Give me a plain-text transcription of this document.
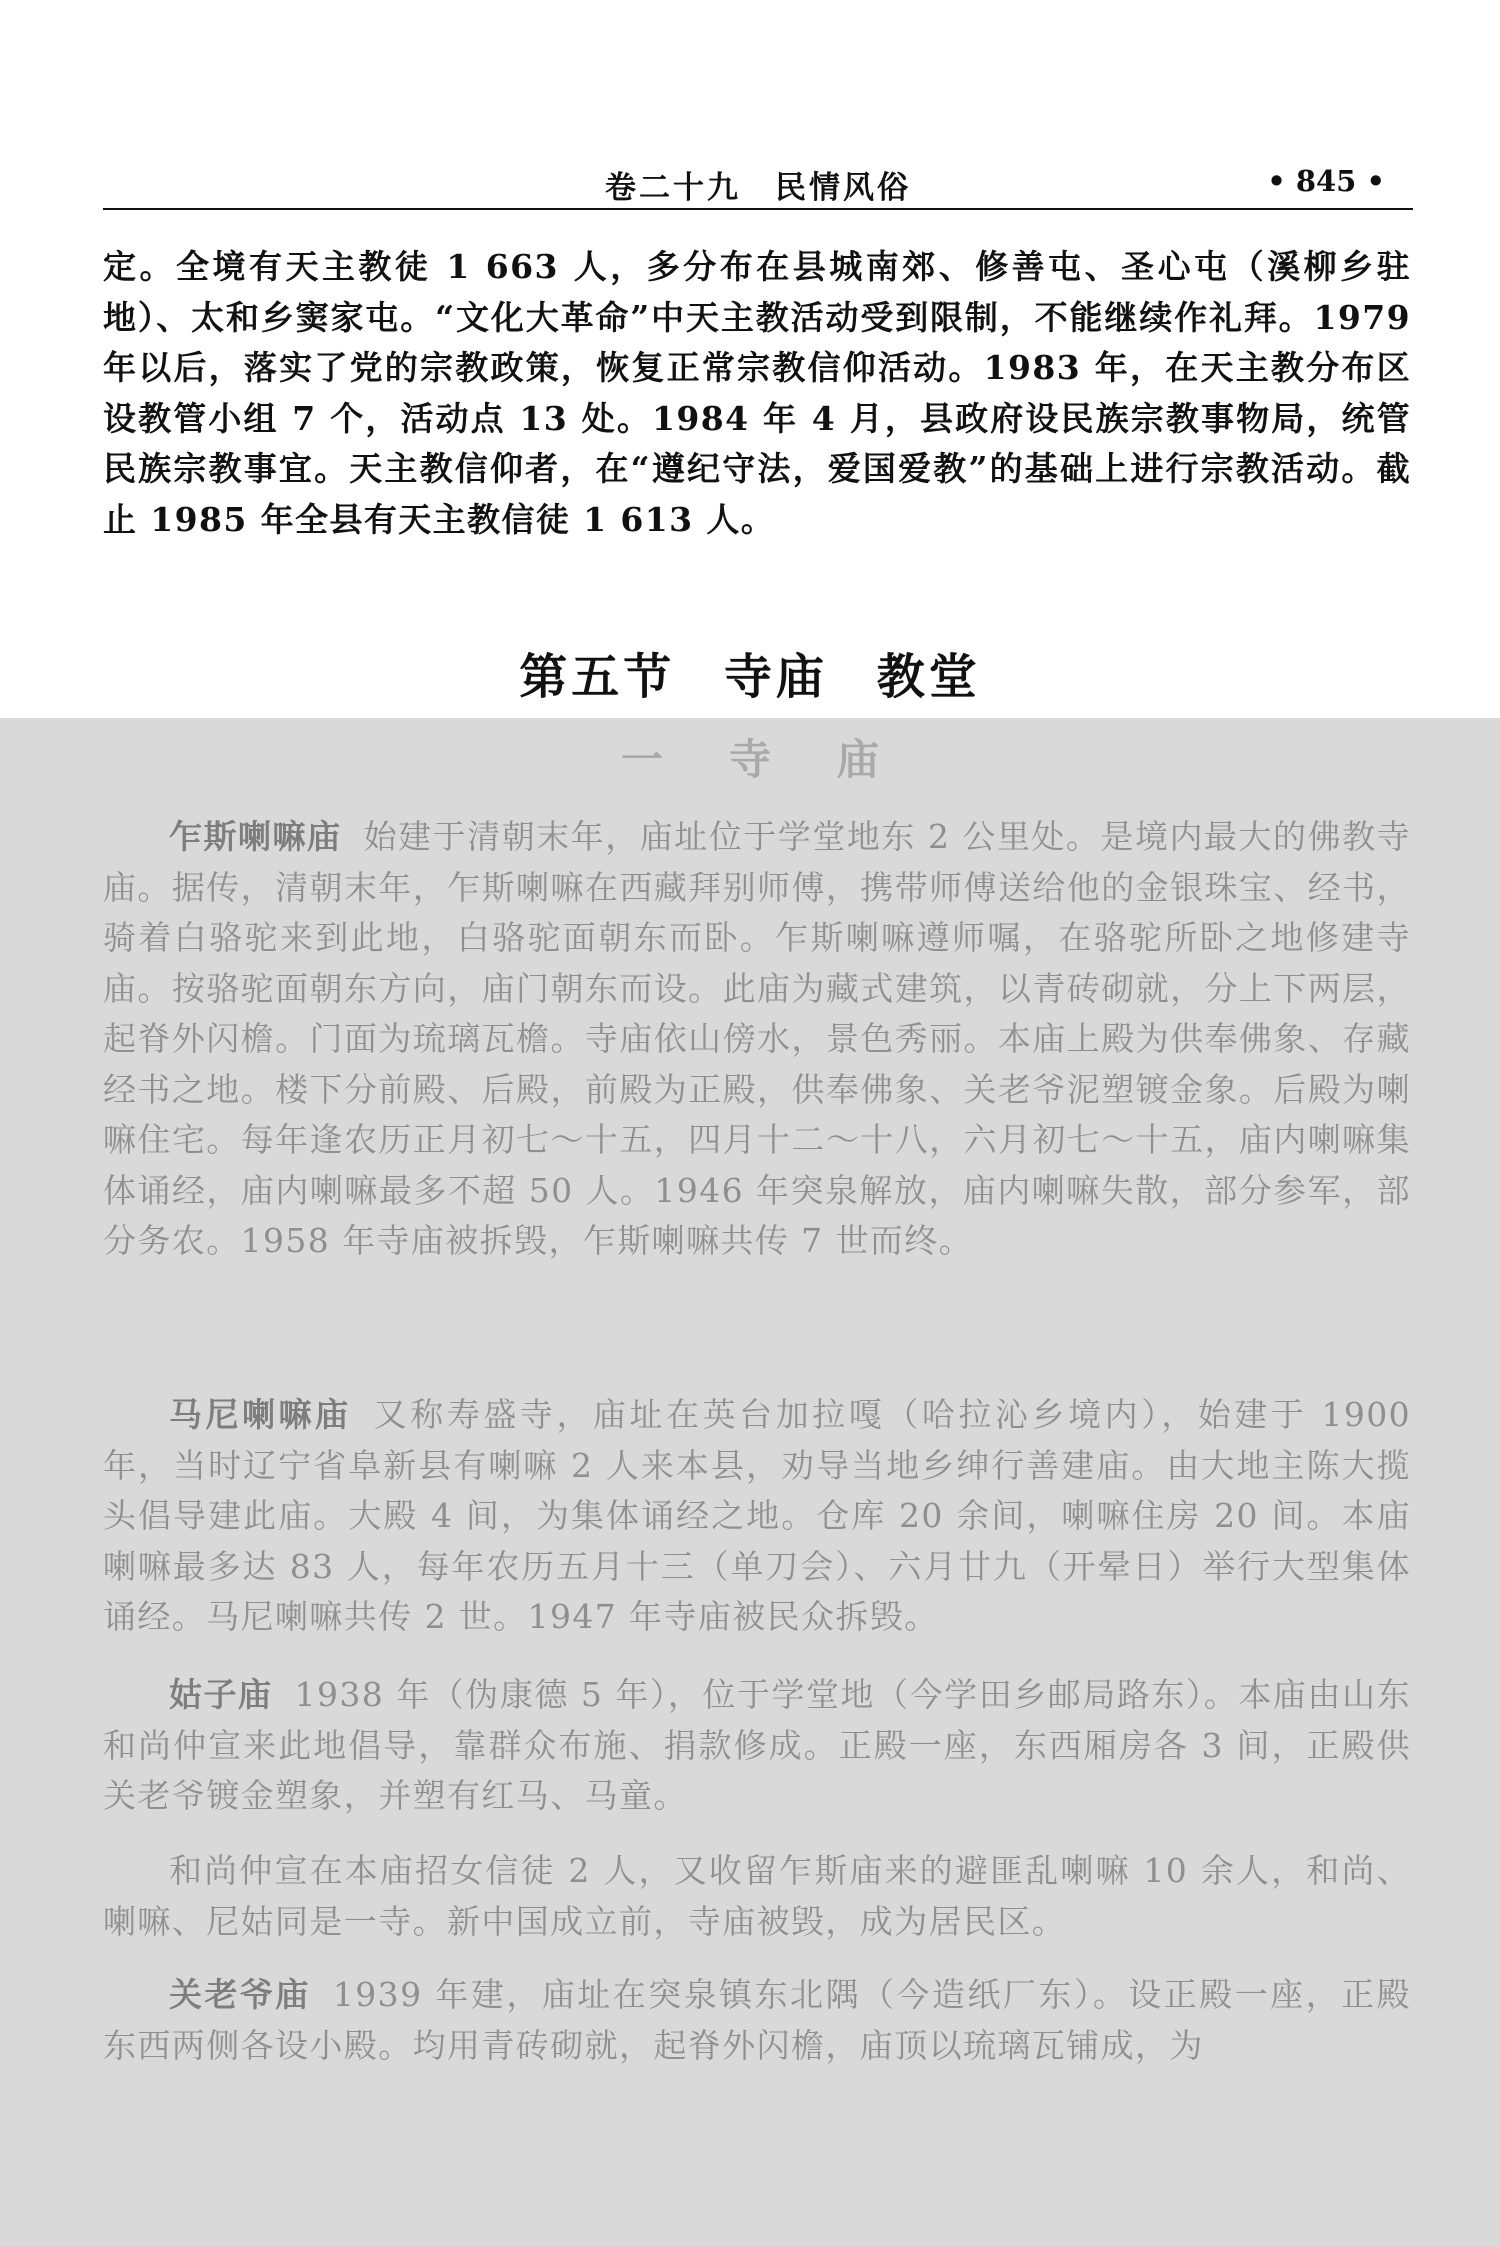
卷二十九　民情风俗	• 845 •

定。全境有天主教徒 1 663 人，多分布在县城南郊、修善屯、圣心屯（溪柳乡驻地）、太和乡窦家屯。“文化大革命”中天主教活动受到限制，不能继续作礼拜。1979 年以后，落实了党的宗教政策，恢复正常宗教信仰活动。1983 年，在天主教分布区设教管小组 7 个，活动点 13 处。1984 年 4 月，县政府设民族宗教事物局，统管民族宗教事宜。天主教信仰者，在“遵纪守法，爱国爱教”的基础上进行宗教活动。截止 1985 年全县有天主教信徒 1 613 人。

第五节 寺庙 教堂
一寺庙

乍斯喇嘛庙 始建于清朝末年，庙址位于学堂地东 2 公里处。是境内最大的佛教寺庙。据传，清朝末年，乍斯喇嘛在西藏拜别师傅，携带师傅送给他的金银珠宝、经书，骑着白骆驼来到此地，白骆驼面朝东而卧。乍斯喇嘛遵师嘱，在骆驼所卧之地修建寺庙。按骆驼面朝东方向，庙门朝东而设。此庙为藏式建筑，以青砖砌就，分上下两层，起脊外闪檐。门面为琉璃瓦檐。寺庙依山傍水，景色秀丽。本庙上殿为供奉佛象、存藏经书之地。楼下分前殿、后殿，前殿为正殿，供奉佛象、关老爷泥塑镀金象。后殿为喇嘛住宅。每年逢农历正月初七～十五，四月十二～十八，六月初七～十五，庙内喇嘛集体诵经，庙内喇嘛最多不超 50 人。1946 年突泉解放，庙内喇嘛失散，部分参军，部分务农。1958 年寺庙被拆毁，乍斯喇嘛共传 7 世而终。

马尼喇嘛庙 又称寿盛寺，庙址在英台加拉嘎（哈拉沁乡境内），始建于 1900 年，当时辽宁省阜新县有喇嘛 2 人来本县，劝导当地乡绅行善建庙。由大地主陈大揽头倡导建此庙。大殿 4 间，为集体诵经之地。仓库 20 余间，喇嘛住房 20 间。本庙喇嘛最多达 83 人，每年农历五月十三（单刀会）、六月廿九（开晕日）举行大型集体诵经。马尼喇嘛共传 2 世。1947 年寺庙被民众拆毁。

姑子庙 1938 年（伪康德 5 年），位于学堂地（今学田乡邮局路东）。本庙由山东和尚仲宣来此地倡导，靠群众布施、捐款修成。正殿一座，东西厢房各 3 间，正殿供关老爷镀金塑象，并塑有红马、马童。

和尚仲宣在本庙招女信徒 2 人，又收留乍斯庙来的避匪乱喇嘛 10 余人，和尚、喇嘛、尼姑同是一寺。新中国成立前，寺庙被毁，成为居民区。

关老爷庙 1939 年建，庙址在突泉镇东北隅（今造纸厂东）。设正殿一座，正殿东西两侧各设小殿。均用青砖砌就，起脊外闪檐，庙顶以琉璃瓦铺成，为
